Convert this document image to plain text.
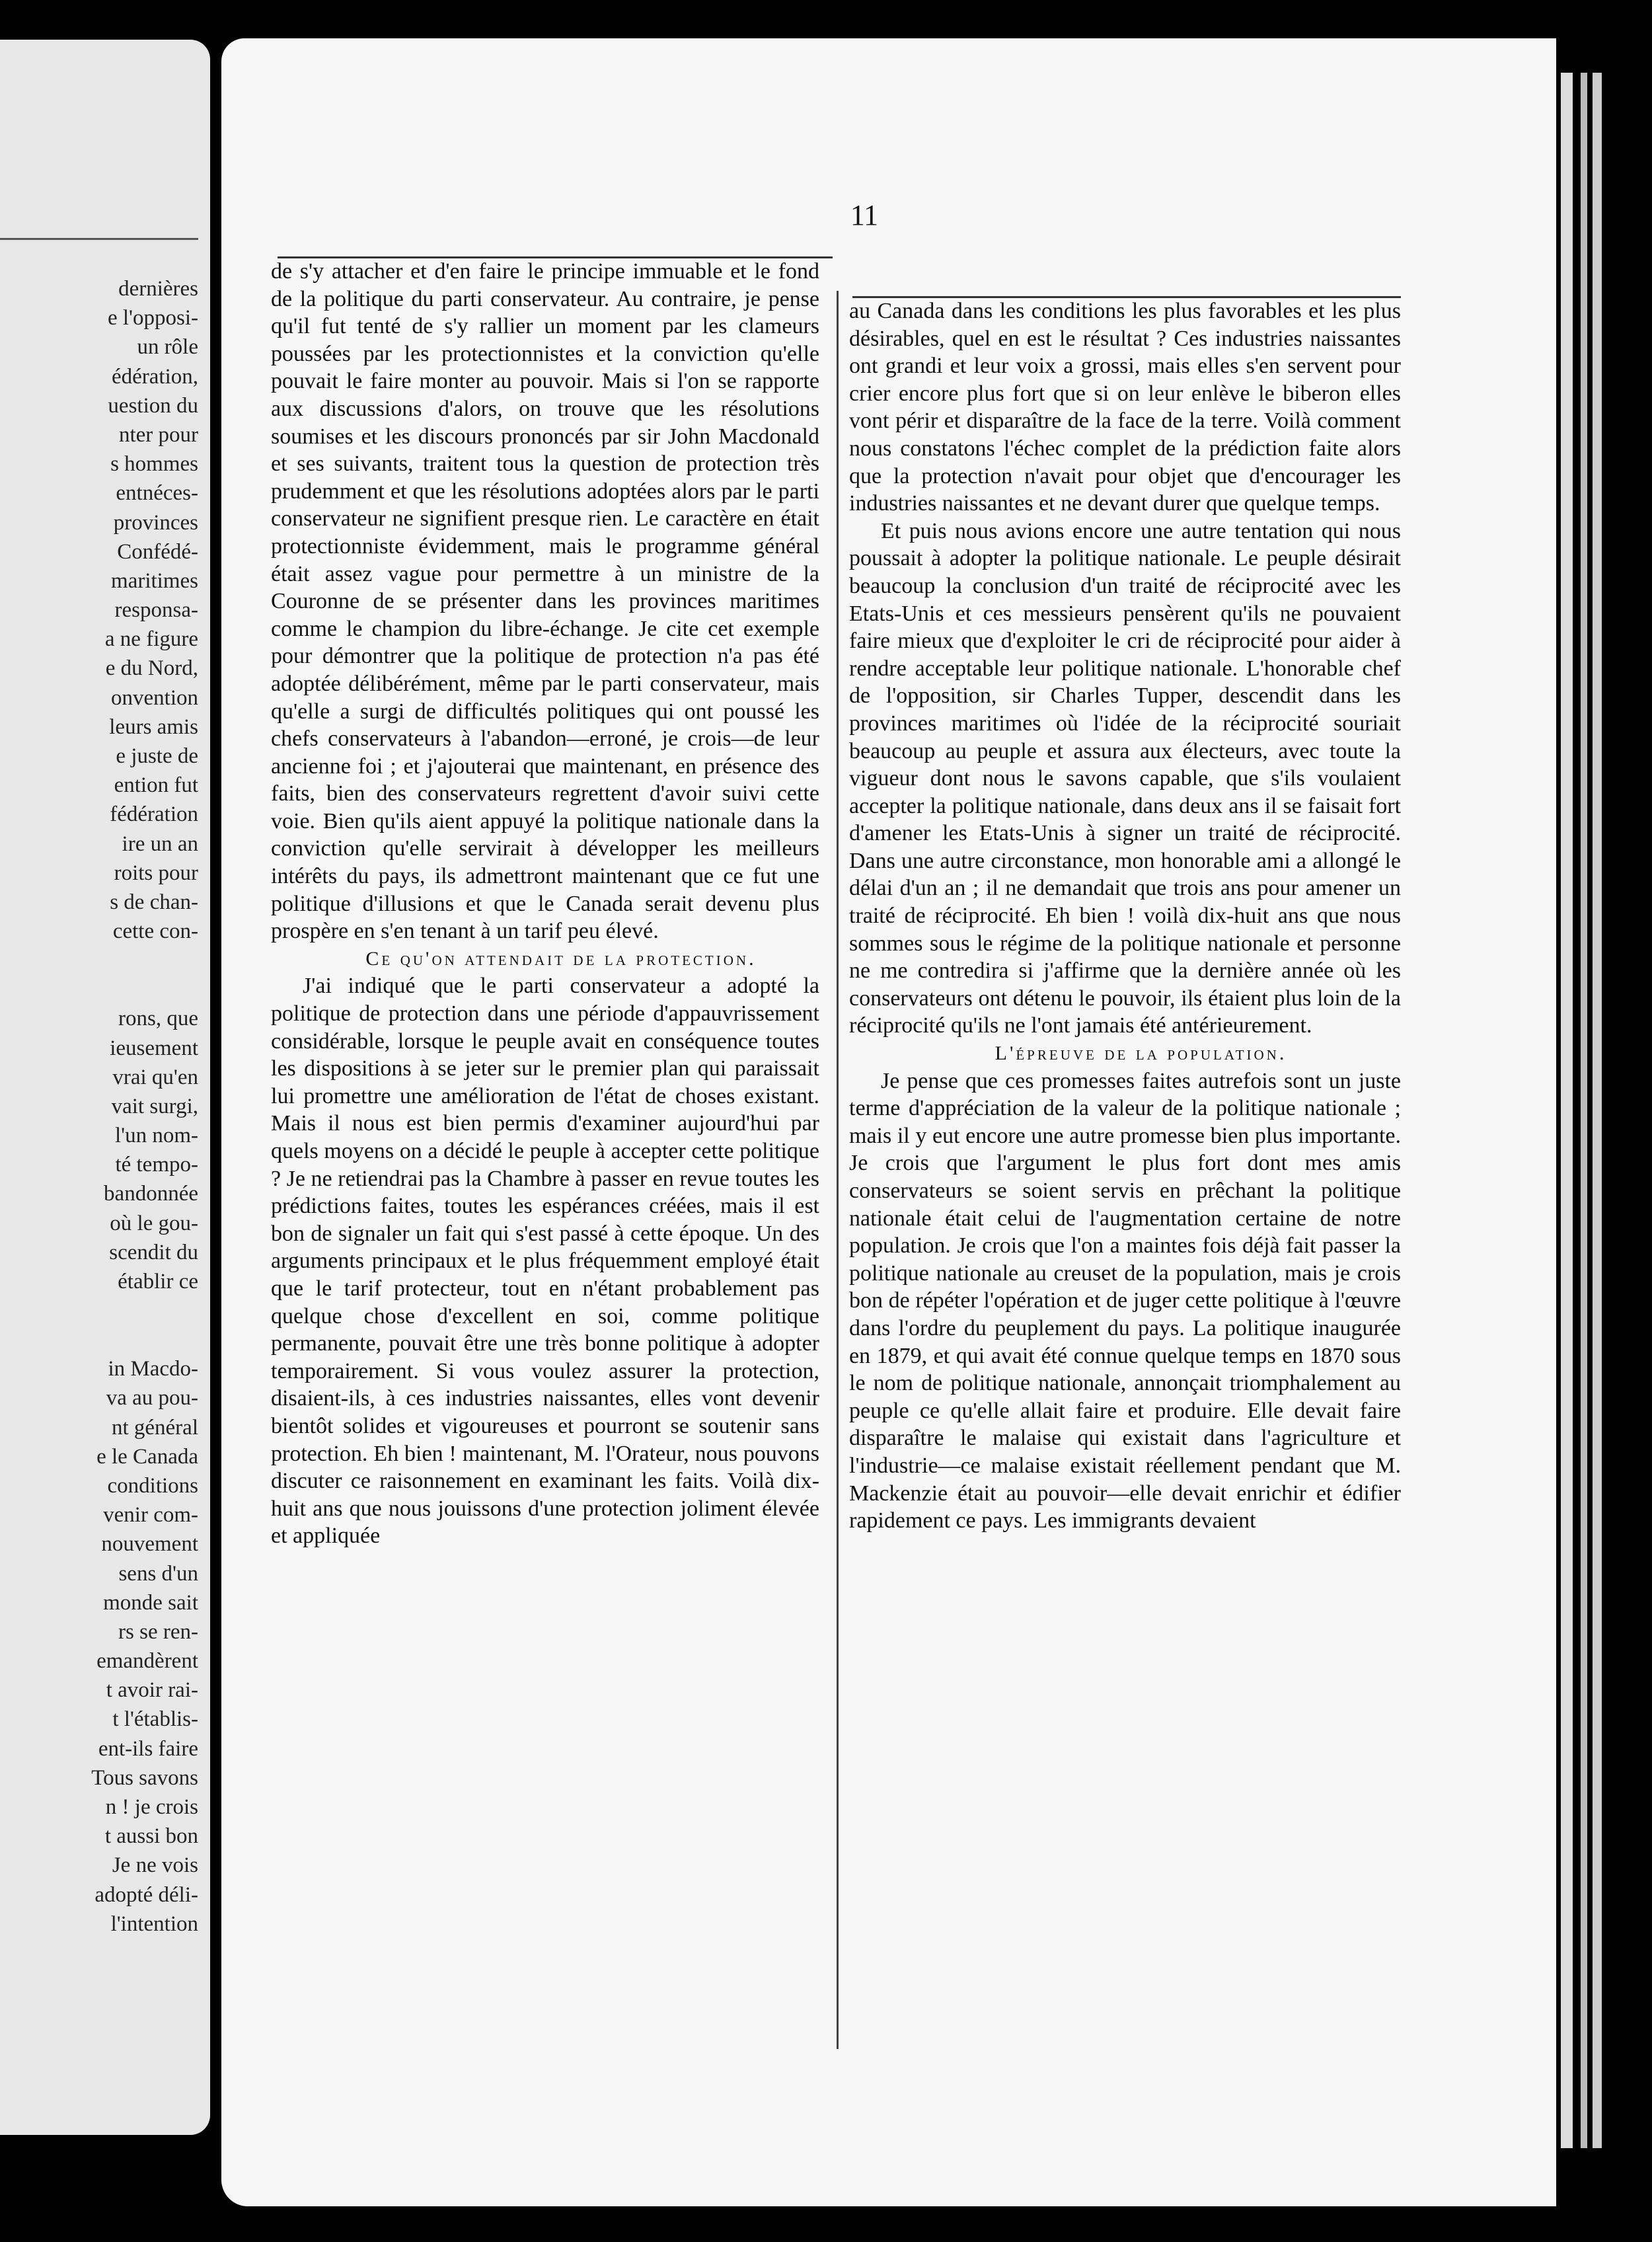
dernières
e l'opposi-
un rôle
édération,
uestion du
nter pour
s hommes
entnéces-
provinces
Confédé-
maritimes
responsa-
a ne figure
e du Nord,
onvention
leurs amis
e juste de
ention fut
fédération
ire un an
roits pour
s de chan-
cette con-
rons, que
ieusement
vrai qu'en
vait surgi,
l'un nom-
té tempo-
bandonnée
où le gou-
scendit du
établir ce
in Macdo-
va au pou-
nt général
e le Canada
conditions
venir com-
nouvement
sens d'un
monde sait
rs se ren-
emandèrent
t avoir rai-
t l'établis-
ent-ils faire
Tous savons
n ! je crois
t aussi bon
Je ne vois
adopté déli-
l'intention
11

de s'y attacher et d'en faire le principe immuable et le fond de la politique du parti conservateur. Au contraire, je pense qu'il fut tenté de s'y rallier un moment par les clameurs poussées par les protectionnistes et la conviction qu'elle pouvait le faire monter au pouvoir. Mais si l'on se rapporte aux discussions d'alors, on trouve que les résolutions soumises et les discours prononcés par sir John Macdonald et ses suivants, traitent tous la question de protection très prudemment et que les résolutions adoptées alors par le parti conservateur ne signifient presque rien. Le caractère en était protectionniste évidemment, mais le programme général était assez vague pour permettre à un ministre de la Couronne de se présenter dans les provinces maritimes comme le champion du libre-échange. Je cite cet exemple pour démontrer que la politique de protection n'a pas été adoptée délibérément, même par le parti conservateur, mais qu'elle a surgi de difficultés politiques qui ont poussé les chefs conservateurs à l'abandon—erroné, je crois—de leur ancienne foi ; et j'ajouterai que maintenant, en présence des faits, bien des conservateurs regrettent d'avoir suivi cette voie. Bien qu'ils aient appuyé la politique nationale dans la conviction qu'elle servirait à développer les meilleurs intérêts du pays, ils admettront maintenant que ce fut une politique d'illusions et que le Canada serait devenu plus prospère en s'en tenant à un tarif peu élevé.

Ce qu'on attendait de la protection.

J'ai indiqué que le parti conservateur a adopté la politique de protection dans une période d'appauvrissement considérable, lorsque le peuple avait en conséquence toutes les dispositions à se jeter sur le premier plan qui paraissait lui promettre une amélioration de l'état de choses existant. Mais il nous est bien permis d'examiner aujourd'hui par quels moyens on a décidé le peuple à accepter cette politique ? Je ne retiendrai pas la Chambre à passer en revue toutes les prédictions faites, toutes les espérances créées, mais il est bon de signaler un fait qui s'est passé à cette époque. Un des arguments principaux et le plus fréquemment employé était que le tarif protecteur, tout en n'étant probablement pas quelque chose d'excellent en soi, comme politique permanente, pouvait être une très bonne politique à adopter temporairement. Si vous voulez assurer la protection, disaient-ils, à ces industries naissantes, elles vont devenir bientôt solides et vigoureuses et pourront se soutenir sans protection. Eh bien ! maintenant, M. l'Orateur, nous pouvons discuter ce raisonnement en examinant les faits. Voilà dix-huit ans que nous jouissons d'une protection joliment élevée et appliquée

au Canada dans les conditions les plus favorables et les plus désirables, quel en est le résultat ? Ces industries naissantes ont grandi et leur voix a grossi, mais elles s'en servent pour crier encore plus fort que si on leur enlève le biberon elles vont périr et disparaître de la face de la terre. Voilà comment nous constatons l'échec complet de la prédiction faite alors que la protection n'avait pour objet que d'encourager les industries naissantes et ne devant durer que quelque temps.

Et puis nous avions encore une autre tentation qui nous poussait à adopter la politique nationale. Le peuple désirait beaucoup la conclusion d'un traité de réciprocité avec les Etats-Unis et ces messieurs pensèrent qu'ils ne pouvaient faire mieux que d'exploiter le cri de réciprocité pour aider à rendre acceptable leur politique nationale. L'honorable chef de l'opposition, sir Charles Tupper, descendit dans les provinces maritimes où l'idée de la réciprocité souriait beaucoup au peuple et assura aux électeurs, avec toute la vigueur dont nous le savons capable, que s'ils voulaient accepter la politique nationale, dans deux ans il se faisait fort d'amener les Etats-Unis à signer un traité de réciprocité. Dans une autre circonstance, mon honorable ami a allongé le délai d'un an ; il ne demandait que trois ans pour amener un traité de réciprocité. Eh bien ! voilà dix-huit ans que nous sommes sous le régime de la politique nationale et personne ne me contredira si j'affirme que la dernière année où les conservateurs ont détenu le pouvoir, ils étaient plus loin de la réciprocité qu'ils ne l'ont jamais été antérieurement.

L'épreuve de la population.

Je pense que ces promesses faites autrefois sont un juste terme d'appréciation de la valeur de la politique nationale ; mais il y eut encore une autre promesse bien plus importante. Je crois que l'argument le plus fort dont mes amis conservateurs se soient servis en prêchant la politique nationale était celui de l'augmentation certaine de notre population. Je crois que l'on a maintes fois déjà fait passer la politique nationale au creuset de la population, mais je crois bon de répéter l'opération et de juger cette politique à l'œuvre dans l'ordre du peuplement du pays. La politique inaugurée en 1879, et qui avait été connue quelque temps en 1870 sous le nom de politique nationale, annonçait triomphalement au peuple ce qu'elle allait faire et produire. Elle devait faire disparaître le malaise qui existait dans l'agriculture et l'industrie—ce malaise existait réellement pendant que M. Mackenzie était au pouvoir—elle devait enrichir et édifier rapidement ce pays. Les immigrants devaient
